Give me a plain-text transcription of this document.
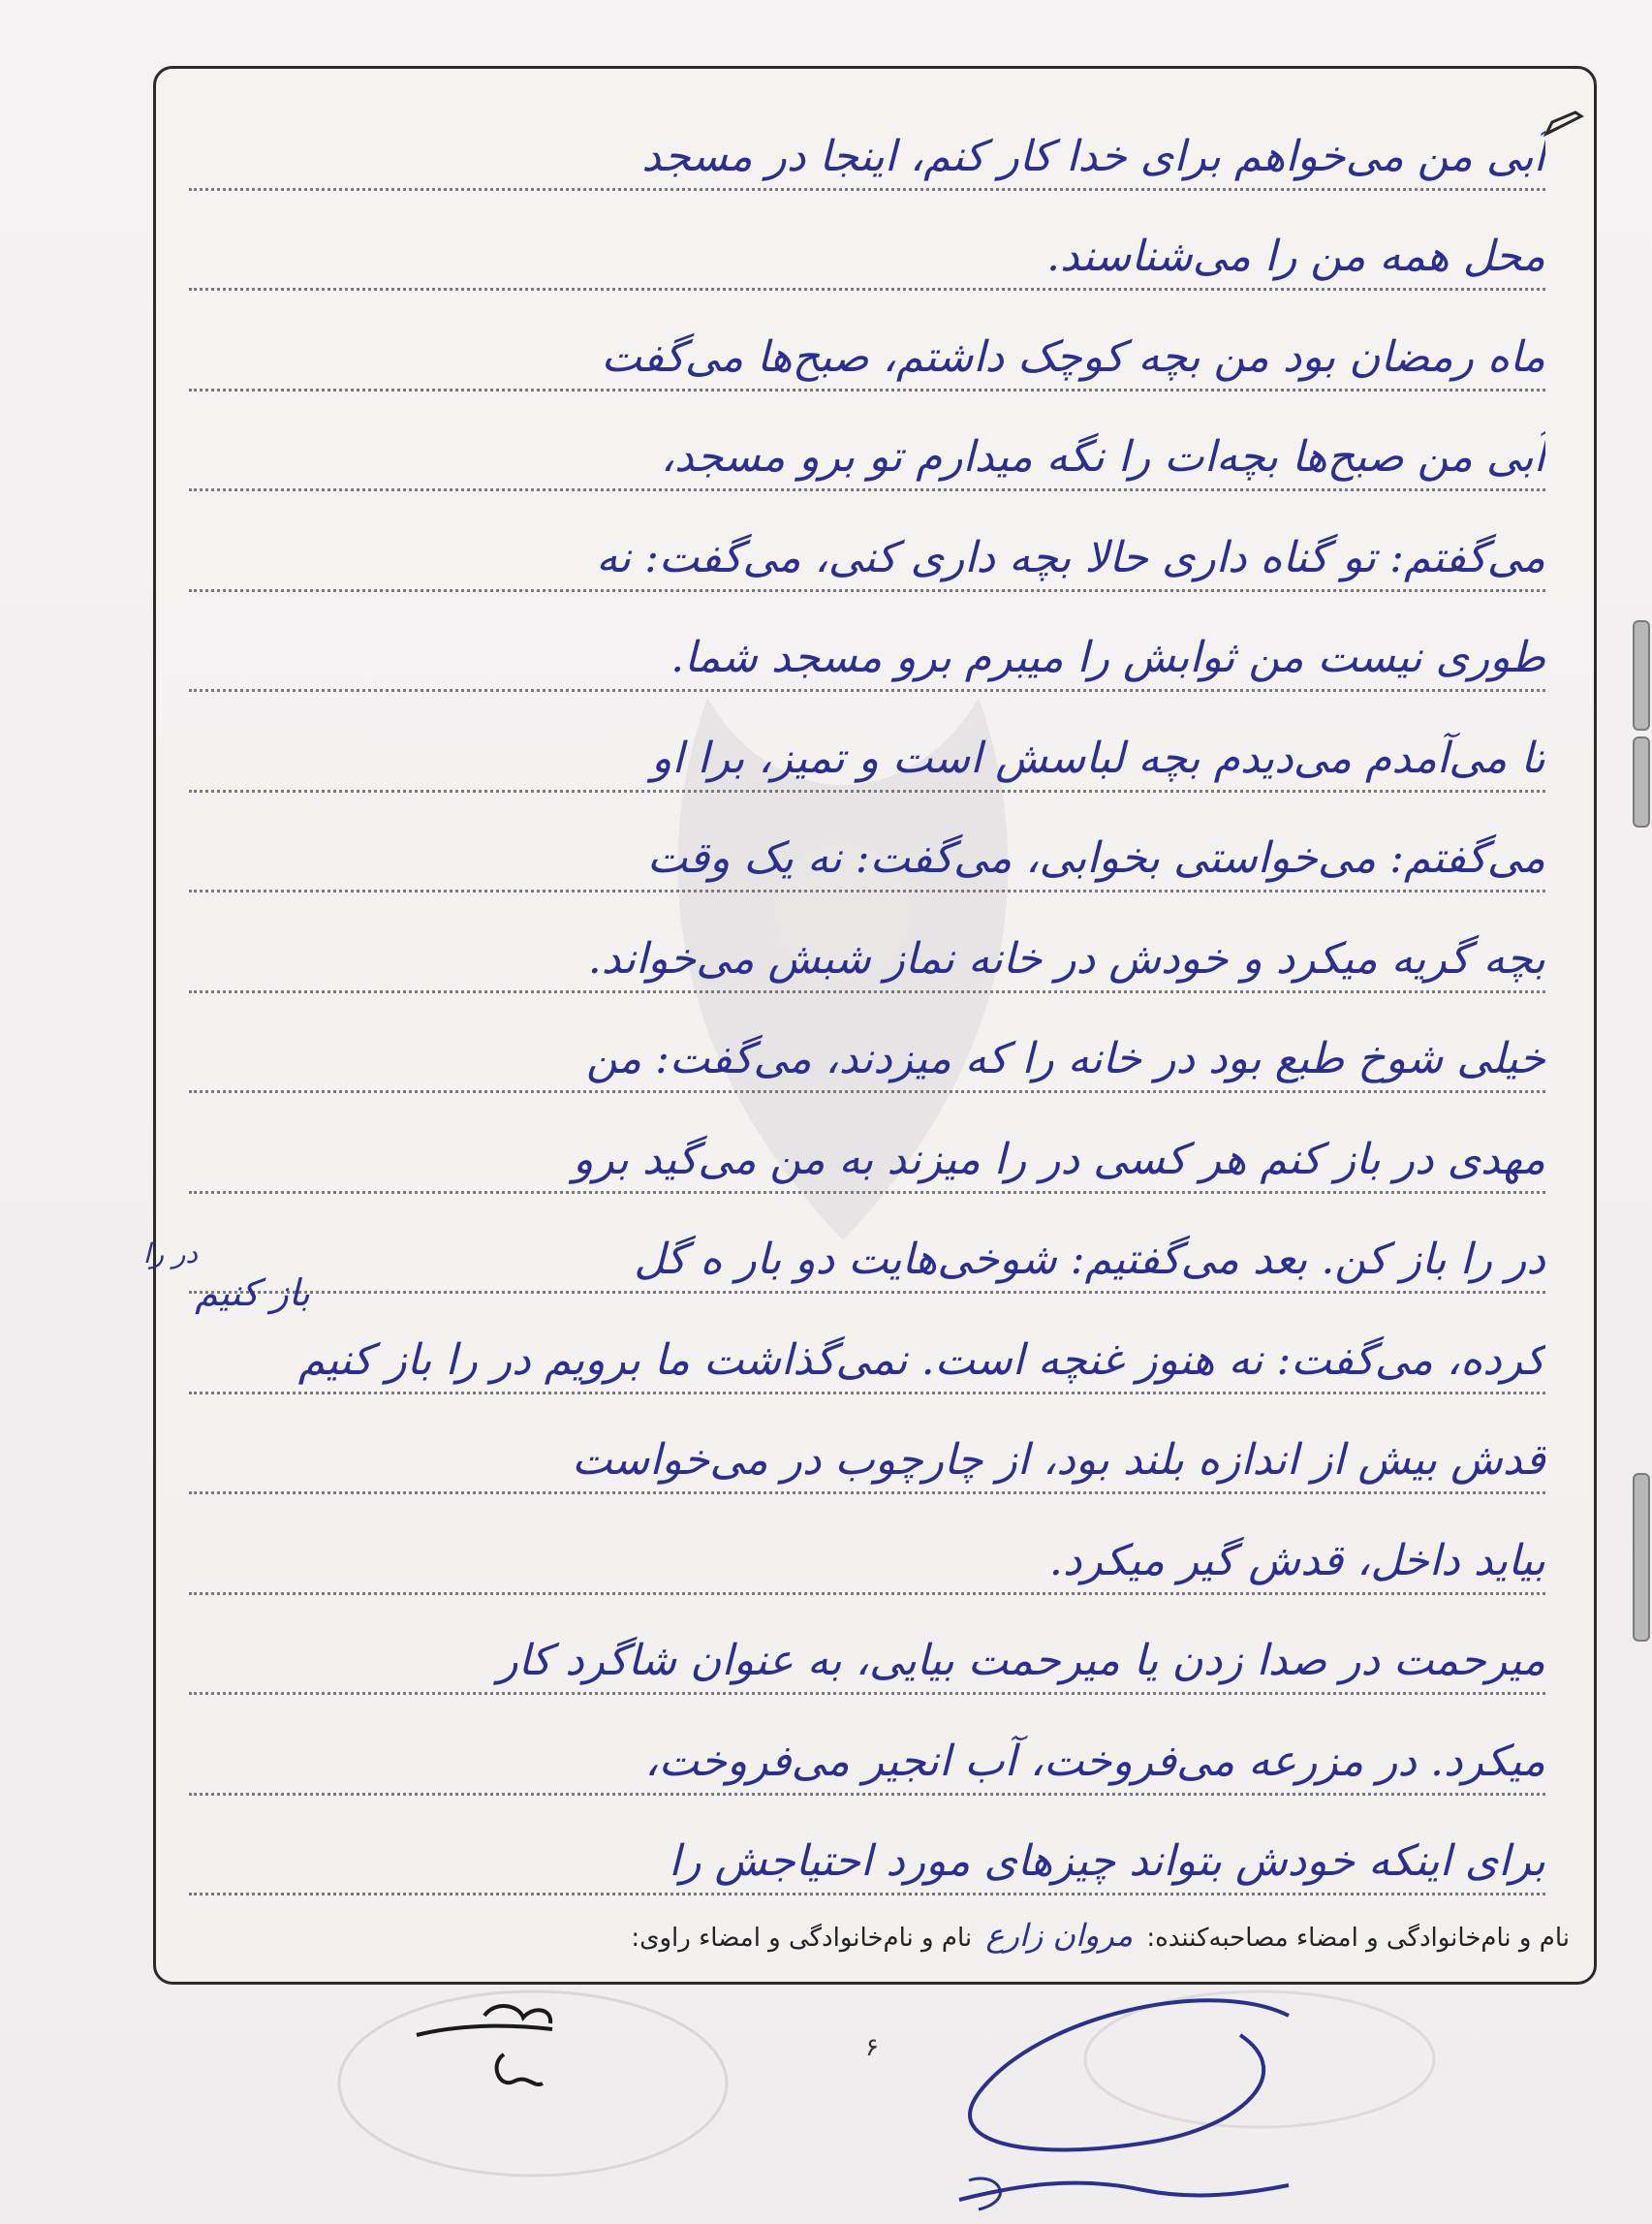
آبی من می‌خواهم برای خدا کار کنم، اینجا در مسجد
محل همه من را می‌شناسند.
ماه رمضان بود من بچه کوچک داشتم، صبح‌ها می‌گفت
آبی من صبح‌ها بچه‌ات را نگه میدارم تو برو مسجد،
می‌گفتم: تو گناه داری حالا بچه داری کنی، می‌گفت: نه
طوری نیست من ثوابش را میبرم برو مسجد شما.
تا می‌آمدم می‌دیدم بچه لباسش است و تمیز، برا او
می‌گفتم: می‌خواستی بخوابی، می‌گفت: نه یک وقت
بچه گریه میکرد و خودش در خانه نماز شبش می‌خواند.
خیلی شوخ طبع بود در خانه را که میزدند، می‌گفت: من
مهدی در باز کنم هر کسی در را میزند به من می‌گید برو
در را باز کن. بعد می‌گفتیم: شوخی‌هایت دو بار ه گل
کرده، می‌گفت: نه هنوز غنچه است. نمی‌گذاشت ما برویم در را باز کنیم
قدش بیش از اندازه بلند بود، از چارچوب در می‌خواست
بیاید داخل، قدش گیر میکرد.
میرحمت در صدا زدن یا میرحمت بیایی، به عنوان شاگرد کار
میکرد. در مزرعه می‌فروخت، آب انجیر می‌فروخت،
برای اینکه خودش بتواند چیزهای مورد احتیاجش را
در را
باز کنیم
نام و نام‌خانوادگی و امضاء مصاحبه‌کننده: مروان زارع نام و نام‌خانوادگی و امضاء راوی:
۶
